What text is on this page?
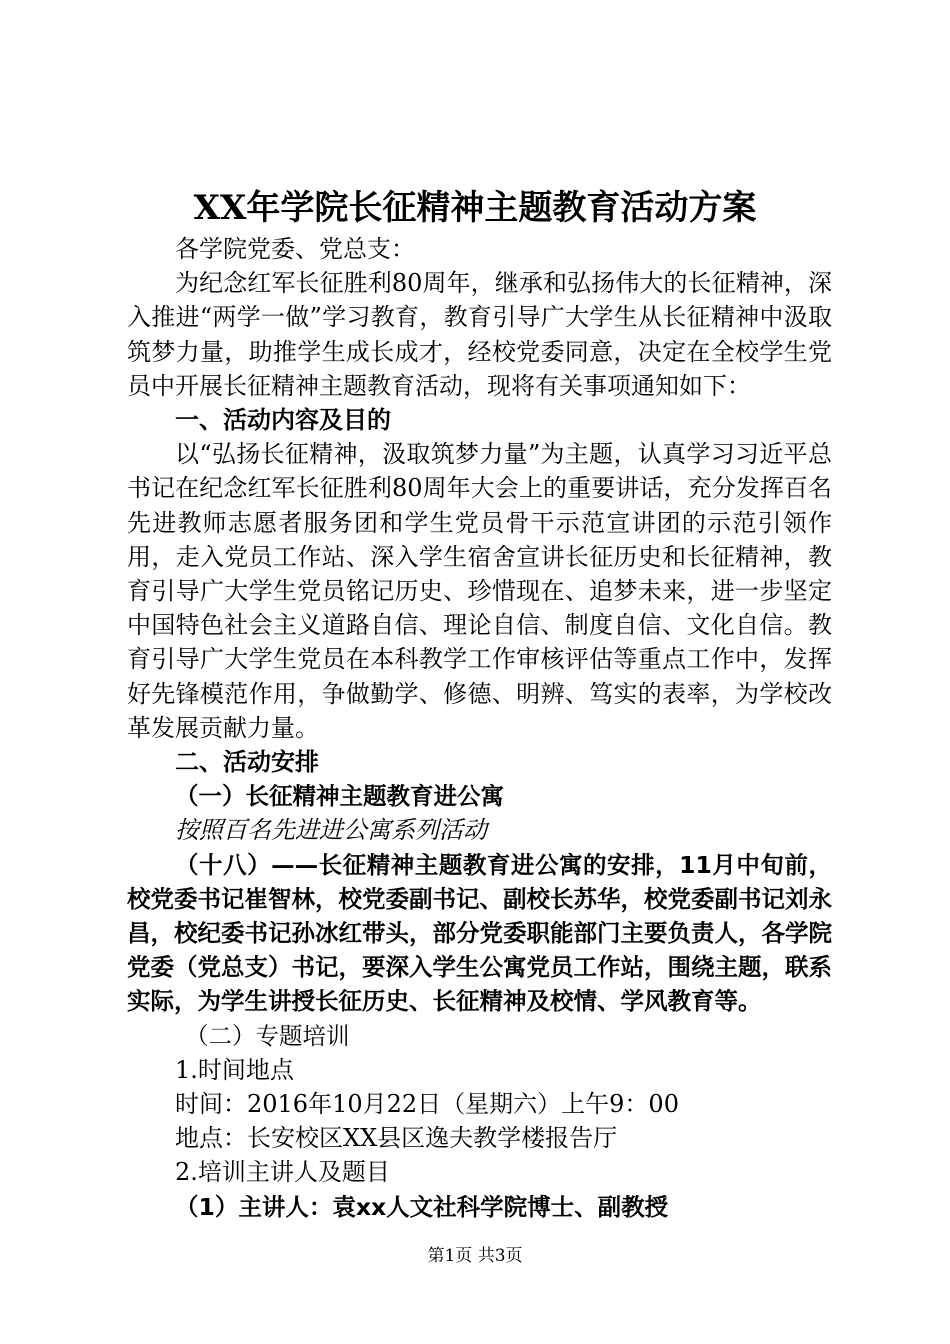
XX年学院长征精神主题教育活动方案

各学院党委、党总支：

为纪念红军长征胜利80周年，继承和弘扬伟大的长征精神，深入推进“两学一做”学习教育，教育引导广大学生从长征精神中汲取筑梦力量，助推学生成长成才，经校党委同意，决定在全校学生党员中开展长征精神主题教育活动，现将有关事项通知如下：

一、活动内容及目的

以“弘扬长征精神，汲取筑梦力量”为主题，认真学习习近平总书记在纪念红军长征胜利80周年大会上的重要讲话，充分发挥百名先进教师志愿者服务团和学生党员骨干示范宣讲团的示范引领作用，走入党员工作站、深入学生宿舍宣讲长征历史和长征精神，教育引导广大学生党员铭记历史、珍惜现在、追梦未来，进一步坚定中国特色社会主义道路自信、理论自信、制度自信、文化自信。教育引导广大学生党员在本科教学工作审核评估等重点工作中，发挥好先锋模范作用，争做勤学、修德、明辨、笃实的表率，为学校改革发展贡献力量。

二、活动安排

（一）长征精神主题教育进公寓

按照百名先进进公寓系列活动

（十八）——长征精神主题教育进公寓的安排，11月中旬前，校党委书记崔智林，校党委副书记、副校长苏华，校党委副书记刘永昌，校纪委书记孙冰红带头，部分党委职能部门主要负责人，各学院党委（党总支）书记，要深入学生公寓党员工作站，围绕主题，联系实际，为学生讲授长征历史、长征精神及校情、学风教育等。

（二）专题培训

1.时间地点

时间：2016年10月22日（星期六）上午9：00

地点：长安校区XX县区逸夫教学楼报告厅

2.培训主讲人及题目

（1）主讲人：袁xx人文社科学院博士、副教授

第1页 共3页
